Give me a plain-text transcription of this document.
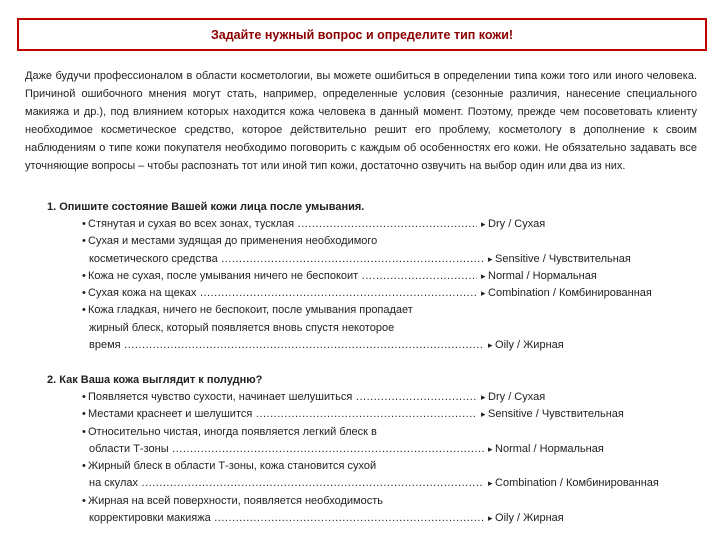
Задайте нужный вопрос и определите тип кожи!

Даже будучи профессионалом в области косметологии, вы можете ошибиться в определении типа кожи того или иного человека. Причиной ошибочного мнения могут стать, например, определенные условия (сезонные различия, нанесение специального макияжа и др.), под влиянием которых находится кожа человека в данный момент. Поэтому, прежде чем посоветовать клиенту необходимое косметическое средство, которое действительно решит его проблему, косметологу в дополнение к своим наблюдениям о типе кожи покупателя необходимо поговорить с каждым об особенностях его кожи. Не обязательно задавать все уточняющие вопросы – чтобы распознать тот или иной тип кожи, достаточно озвучить на выбор один или два из них.

1. Опишите состояние Вашей кожи лица после умывания.
• Стянутая и сухая во всех зонах, тусклая .....	▸ Dry / Сухая
• Сухая и местами зудящая до применения необходимого
косметического средства .....	▸ Sensitive / Чувствительная
• Кожа не сухая, после умывания ничего не беспокоит .....	▸ Normal / Нормальная
• Сухая кожа на щеках .....	▸ Combination / Комбинированная
• Кожа гладкая, ничего не беспокоит, после умывания пропадает
жирный блеск, который появляется вновь спустя некоторое
время .....	▸ Oily / Жирная
2. Как Ваша кожа выглядит к полудню?
• Появляется чувство сухости, начинает шелушиться .....	▸ Dry / Сухая
• Местами краснеет и шелушится .....	▸ Sensitive / Чувствительная
• Относительно чистая, иногда появляется легкий блеск в
области Т-зоны .....	▸ Normal / Нормальная
• Жирный блеск в области Т-зоны, кожа становится сухой
на скулах .....	▸ Combination / Комбинированная
• Жирная на всей поверхности, появляется необходимость
корректировки макияжа .....	▸ Oily / Жирная
